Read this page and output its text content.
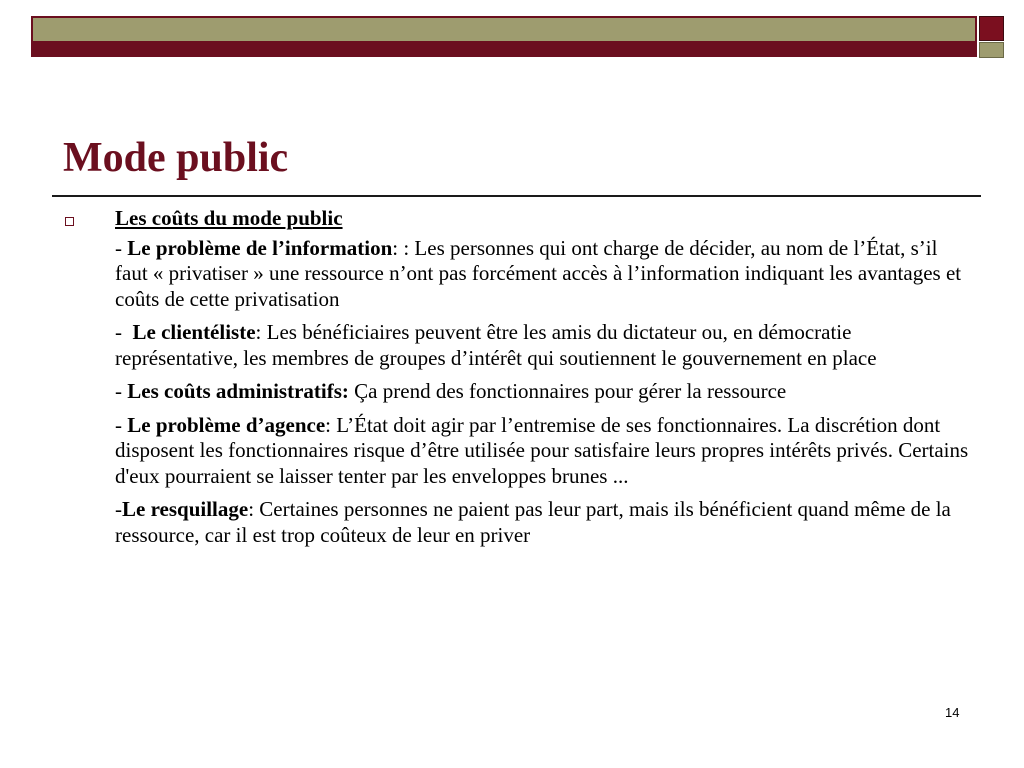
Mode public

Les coûts du mode public

- Le problème de l’information: : Les personnes qui ont charge de décider, au nom de l’État, s’il faut « privatiser » une ressource n’ont pas forcément accès à l’information indiquant les avantages et coûts de cette privatisation

-  Le clientéliste: Les bénéficiaires peuvent être les amis du dictateur ou, en démocratie représentative, les membres de groupes d’intérêt qui soutiennent le gouvernement en place

- Les coûts administratifs: Ça prend des fonctionnaires pour gérer la ressource

- Le problème d’agence: L’État doit agir par l’entremise de ses fonctionnaires. La discrétion dont disposent les fonctionnaires risque d’être utilisée pour satisfaire leurs propres intérêts privés. Certains d'eux pourraient se laisser tenter par les enveloppes brunes ...

-Le resquillage: Certaines personnes ne paient pas leur part, mais ils bénéficient quand même de la ressource, car il est trop coûteux de leur en priver

14
